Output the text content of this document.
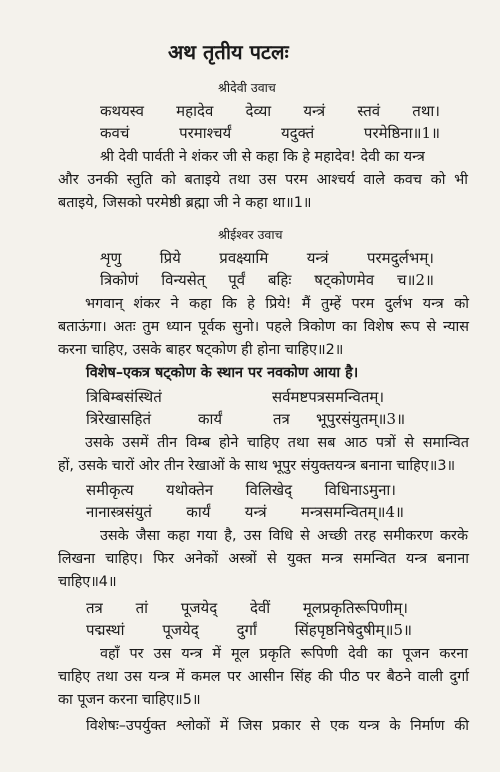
अथ तृतीय पटलः
श्रीदेवी उवाच
कथयस्व महादेव देव्या यन्त्रं स्तवं तथा।
कवचं परमाश्चर्यं यदुक्तं परमेष्ठिना॥1॥
श्री देवी पार्वती ने शंकर जी से कहा कि हे महादेव! देवी का यन्त्र
और उनकी स्तुति को बताइये तथा उस परम आश्चर्य वाले कवच को भी
बताइये, जिसको परमेष्ठी ब्रह्मा जी ने कहा था॥1॥
श्रीईश्वर उवाच
शृणु प्रिये प्रवक्ष्यामि यन्त्रं परमदुर्लभम्।
त्रिकोणं विन्यसेत् पूर्वं बहिः षट्कोणमेव च॥2॥
भगवान् शंकर ने कहा कि हे प्रिये! मैं तुम्हें परम दुर्लभ यन्त्र को
बताऊंगा। अतः तुम ध्यान पूर्वक सुनो। पहले त्रिकोण का विशेष रूप से न्यास
करना चाहिए, उसके बाहर षट्कोण ही होना चाहिए॥2॥
विशेष–एकत्र षट्कोण के स्थान पर नवकोण आया है।
त्रिबिम्बसंस्थितं	सर्वमष्टपत्रसमन्वितम्।
त्रिरेखासहितं	कार्यं	तत्र भूपुरसंयुतम्॥3॥
उसके उसमें तीन विम्ब होने चाहिए तथा सब आठ पत्रों से समान्वित
हों, उसके चारों ओर तीन रेखाओं के साथ भूपुर संयुक्तयन्त्र बनाना चाहिए॥3॥
समीकृत्य यथोक्तेन विलिखेद् विधिनाऽमुना।
नानास्त्रसंयुतं कार्यं यन्त्रं मन्त्रसमन्वितम्॥4॥
उसके जैसा कहा गया है, उस विधि से अच्छी तरह समीकरण करके
लिखना चाहिए। फिर अनेकों अस्त्रों से युक्त मन्त्र समन्वित यन्त्र बनाना
चाहिए॥4॥
तत्र तां पूजयेद् देवीं मूलप्रकृतिरूपिणीम्।
पद्मस्थां पूजयेद् दुर्गां सिंहपृष्ठनिषेदुषीम्॥5॥
वहाँ पर उस यन्त्र में मूल प्रकृति रूपिणी देवी का पूजन करना
चाहिए तथा उस यन्त्र में कमल पर आसीन सिंह की पीठ पर बैठने वाली दुर्गा
का पूजन करना चाहिए॥5॥
विशेषः–उपर्युक्त श्लोकों में जिस प्रकार से एक यन्त्र के निर्माण की
